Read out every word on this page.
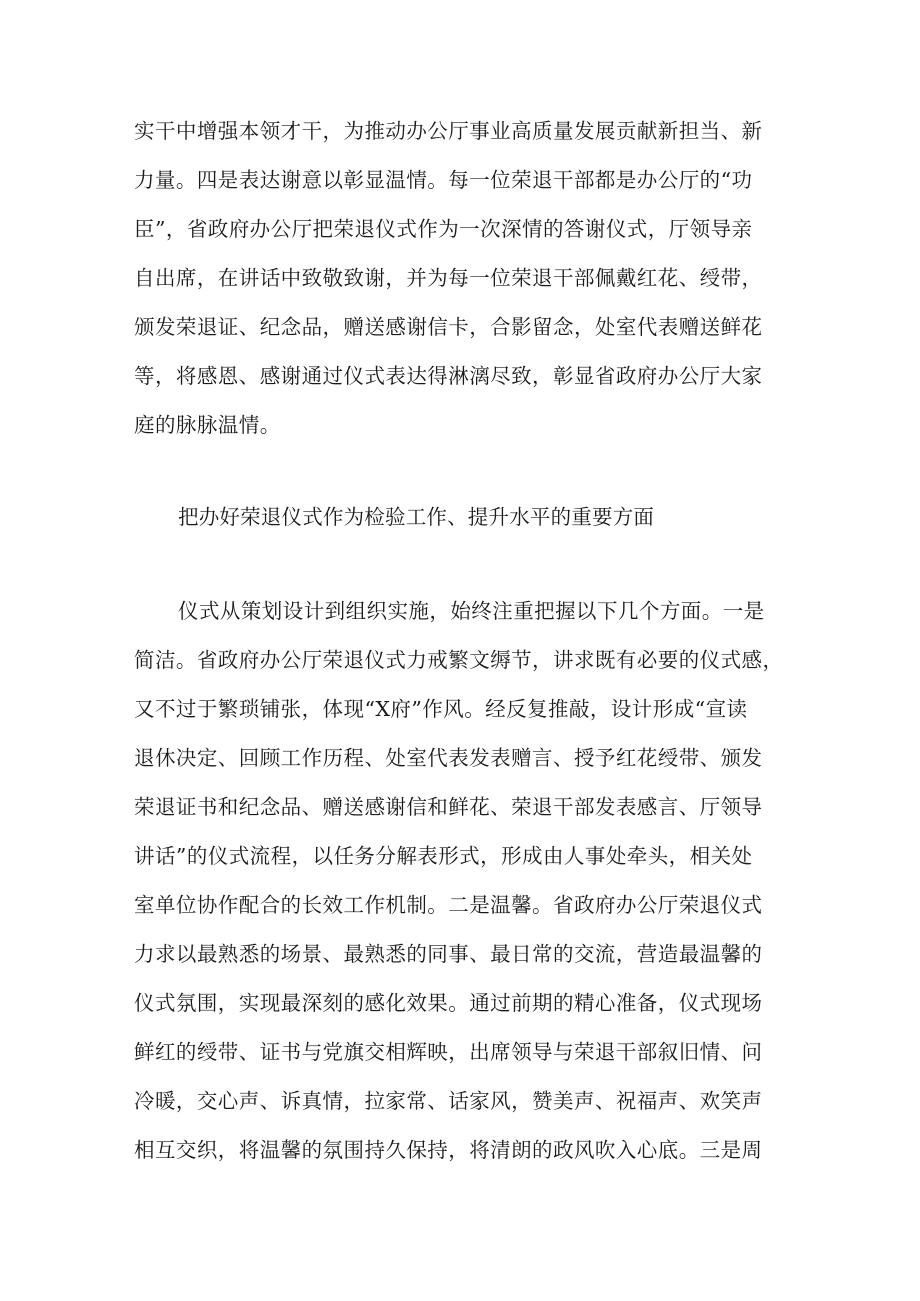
实干中增强本领才干，为推动办公厅事业高质量发展贡献新担当、新
力量。四是表达谢意以彰显温情。每一位荣退干部都是办公厅的“功
臣”，省政府办公厅把荣退仪式作为一次深情的答谢仪式，厅领导亲
自出席，在讲话中致敬致谢，并为每一位荣退干部佩戴红花、绶带，
颁发荣退证、纪念品，赠送感谢信卡，合影留念，处室代表赠送鲜花
等，将感恩、感谢通过仪式表达得淋漓尽致，彰显省政府办公厅大家
庭的脉脉温情。
把办好荣退仪式作为检验工作、提升水平的重要方面
仪式从策划设计到组织实施，始终注重把握以下几个方面。一是
简洁。省政府办公厅荣退仪式力戒繁文缛节，讲求既有必要的仪式感，
又不过于繁琐铺张，体现“X府”作风。经反复推敲，设计形成“宣读
退休决定、回顾工作历程、处室代表发表赠言、授予红花绶带、颁发
荣退证书和纪念品、赠送感谢信和鲜花、荣退干部发表感言、厅领导
讲话”的仪式流程，以任务分解表形式，形成由人事处牵头，相关处
室单位协作配合的长效工作机制。二是温馨。省政府办公厅荣退仪式
力求以最熟悉的场景、最熟悉的同事、最日常的交流，营造最温馨的
仪式氛围，实现最深刻的感化效果。通过前期的精心准备，仪式现场
鲜红的绶带、证书与党旗交相辉映，出席领导与荣退干部叙旧情、问
冷暖，交心声、诉真情，拉家常、话家风，赞美声、祝福声、欢笑声
相互交织，将温馨的氛围持久保持，将清朗的政风吹入心底。三是周
